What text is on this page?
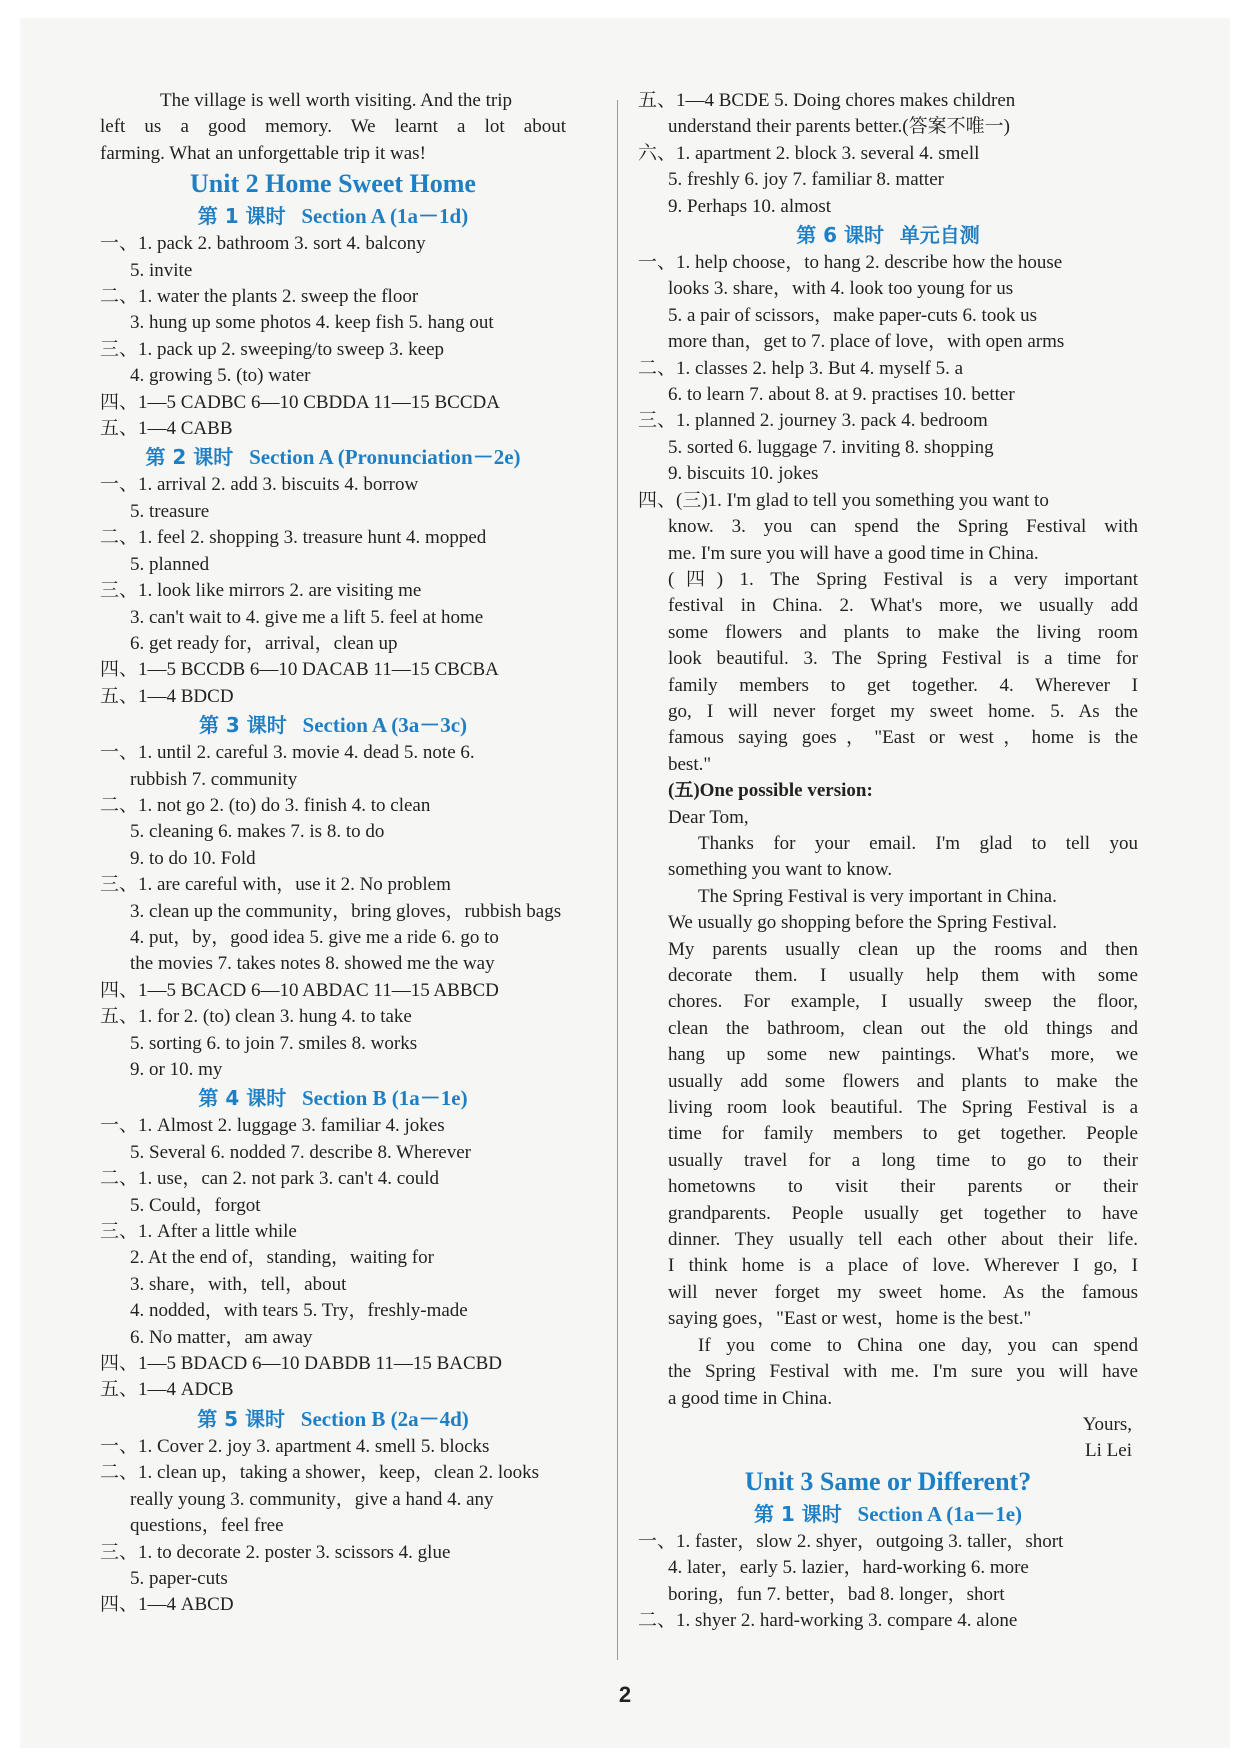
The village is well worth visiting. And the trip
left us a good memory. We learnt a lot about
farming. What an unforgettable trip it was!
Unit 2 Home Sweet Home
第 1 课时 Section A (1a－1d)
一、1. pack 2. bathroom 3. sort 4. balcony
5. invite
二、1. water the plants 2. sweep the floor
3. hung up some photos 4. keep fish 5. hang out
三、1. pack up 2. sweeping/to sweep 3. keep
4. growing 5. (to) water
四、1—5 CADBC 6—10 CBDDA 11—15 BCCDA
五、1—4 CABB
第 2 课时 Section A (Pronunciation－2e)
一、1. arrival 2. add 3. biscuits 4. borrow
5. treasure
二、1. feel 2. shopping 3. treasure hunt 4. mopped
5. planned
三、1. look like mirrors 2. are visiting me
3. can't wait to 4. give me a lift 5. feel at home
6. get ready for，arrival，clean up
四、1—5 BCCDB 6—10 DACAB 11—15 CBCBA
五、1—4 BDCD
第 3 课时 Section A (3a－3c)
一、1. until 2. careful 3. movie 4. dead 5. note 6.
rubbish 7. community
二、1. not go 2. (to) do 3. finish 4. to clean
5. cleaning 6. makes 7. is 8. to do
9. to do 10. Fold
三、1. are careful with，use it 2. No problem
3. clean up the community，bring gloves，rubbish bags
4. put，by，good idea 5. give me a ride 6. go to
the movies 7. takes notes 8. showed me the way
四、1—5 BCACD 6—10 ABDAC 11—15 ABBCD
五、1. for 2. (to) clean 3. hung 4. to take
5. sorting 6. to join 7. smiles 8. works
9. or 10. my
第 4 课时 Section B (1a－1e)
一、1. Almost 2. luggage 3. familiar 4. jokes
5. Several 6. nodded 7. describe 8. Wherever
二、1. use，can 2. not park 3. can't 4. could
5. Could，forgot
三、1. After a little while
2. At the end of，standing，waiting for
3. share，with，tell，about
4. nodded，with tears 5. Try，freshly-made
6. No matter，am away
四、1—5 BDACD 6—10 DABDB 11—15 BACBD
五、1—4 ADCB
第 5 课时 Section B (2a－4d)
一、1. Cover 2. joy 3. apartment 4. smell 5. blocks
二、1. clean up，taking a shower，keep，clean 2. looks
really young 3. community，give a hand 4. any
questions，feel free
三、1. to decorate 2. poster 3. scissors 4. glue
5. paper-cuts
四、1—4 ABCD
五、1—4 BCDE 5. Doing chores makes children
understand their parents better.(答案不唯一)
六、1. apartment 2. block 3. several 4. smell
5. freshly 6. joy 7. familiar 8. matter
9. Perhaps 10. almost
第 6 课时 单元自测
一、1. help choose，to hang 2. describe how the house
looks 3. share，with 4. look too young for us
5. a pair of scissors，make paper-cuts 6. took us
more than，get to 7. place of love，with open arms
二、1. classes 2. help 3. But 4. myself 5. a
6. to learn 7. about 8. at 9. practises 10. better
三、1. planned 2. journey 3. pack 4. bedroom
5. sorted 6. luggage 7. inviting 8. shopping
9. biscuits 10. jokes
四、(三)1. I'm glad to tell you something you want to
know. 3. you can spend the Spring Festival with
me. I'm sure you will have a good time in China.
(四) 1. The Spring Festival is a very important
festival in China. 2. What's more, we usually add
some flowers and plants to make the living room
look beautiful. 3. The Spring Festival is a time for
family members to get together. 4. Wherever I
go, I will never forget my sweet home. 5. As the
famous saying goes，"East or west，home is the
best."
(五)One possible version:
Dear Tom,
Thanks for your email. I'm glad to tell you
something you want to know.
The Spring Festival is very important in China.
We usually go shopping before the Spring Festival.
My parents usually clean up the rooms and then
decorate them. I usually help them with some
chores. For example, I usually sweep the floor,
clean the bathroom, clean out the old things and
hang up some new paintings. What's more, we
usually add some flowers and plants to make the
living room look beautiful. The Spring Festival is a
time for family members to get together. People
usually travel for a long time to go to their
hometowns to visit their parents or their
grandparents. People usually get together to have
dinner. They usually tell each other about their life.
I think home is a place of love. Wherever I go, I
will never forget my sweet home. As the famous
saying goes，"East or west，home is the best."
If you come to China one day, you can spend
the Spring Festival with me. I'm sure you will have
a good time in China.
Yours,
Li Lei
Unit 3 Same or Different?
第 1 课时 Section A (1a－1e)
一、1. faster，slow 2. shyer，outgoing 3. taller，short
4. later，early 5. lazier，hard-working 6. more
boring，fun 7. better，bad 8. longer，short
二、1. shyer 2. hard-working 3. compare 4. alone
2
